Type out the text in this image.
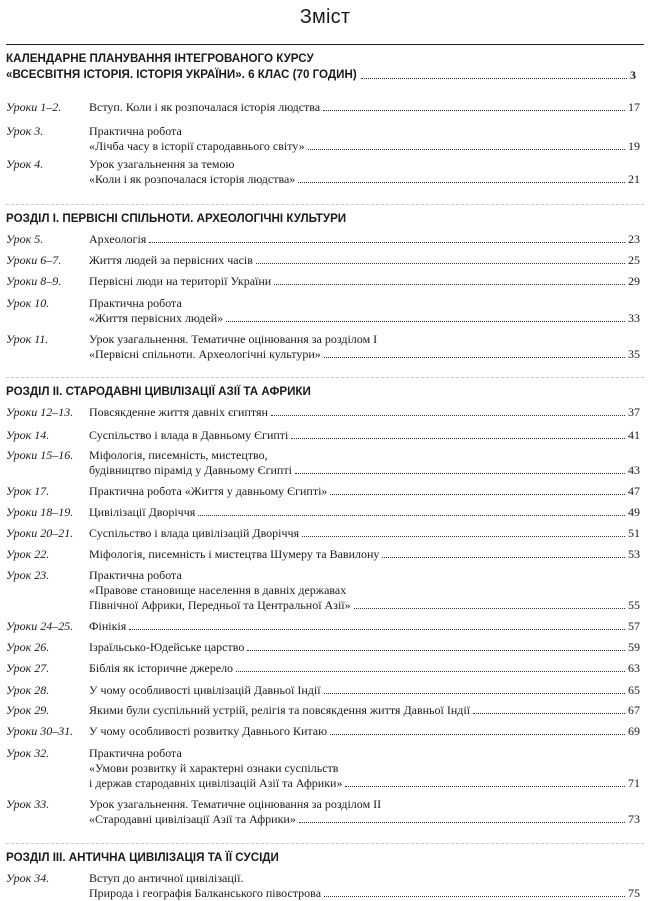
Зміст
КАЛЕНДАРНЕ ПЛАНУВАННЯ ІНТЕГРОВАНОГО КУРСУ
«ВСЕСВІТНЯ ІСТОРІЯ. ІСТОРІЯ УКРАЇНИ». 6 КЛАС (70 ГОДИН)	3
Уроки 1–2. Вступ. Коли і як розпочалася історія людства	17
Урок 3.	Практична робота
«Лічба часу в історії стародавнього світу»	19
Урок 4.	Урок узагальнення за темою
«Коли і як розпочалася історія людства»	21
РОЗДІЛ І. ПЕРВІСНІ СПІЛЬНОТИ. АРХЕОЛОГІЧНІ КУЛЬТУРИ
Урок 5.	Археологія	23
Уроки 6–7. Життя людей за первісних часів	25
Уроки 8–9. Первісні люди на території України	29
Урок 10.	Практична робота
«Життя первісних людей»	33
Урок 11.	Урок узагальнення. Тематичне оцінювання за розділом І
«Первісні спільноти. Археологічні культури»	35
РОЗДІЛ ІІ. СТАРОДАВНІ ЦИВІЛІЗАЦІЇ АЗІЇ ТА АФРИКИ
Уроки 12–13. Повсякденне життя давніх єгиптян	37
Урок 14.	Суспільство і влада в Давньому Єгипті	41
Уроки 15–16. Міфологія, писемність, мистецтво,
будівництво пірамід у Давньому Єгипті	43
Урок 17.	Практична робота «Життя у давньому Єгипті»	47
Уроки 18–19. Цивілізації Дворіччя	49
Уроки 20–21. Суспільство і влада цивілізацій Дворіччя	51
Урок 22.	Міфологія, писемність і мистецтва Шумеру та Вавилону	53
Урок 23.	Практична робота
«Правове становище населення в давніх державах
Північної Африки, Передньої та Центральної Азії»	55
Уроки 24–25. Фінікія	57
Урок 26.	Ізраїльсько-Юдейське царство	59
Урок 27.	Біблія як історичне джерело	63
Урок 28.	У чому особливості цивілізацій Давньої Індії	65
Урок 29.	Якими були суспільний устрій, релігія та повсякдення життя Давньої Індії	67
Уроки 30–31. У чому особливості розвитку Давнього Китаю	69
Урок 32.	Практична робота
«Умови розвитку й характерні ознаки суспільств
і держав стародавніх цивілізацій Азії та Африки»	71
Урок 33.	Урок узагальнення. Тематичне оцінювання за розділом ІІ
«Стародавні цивілізації Азії та Африки»	73
РОЗДІЛ ІІІ. АНТИЧНА ЦИВІЛІЗАЦІЯ ТА ЇЇ СУСІДИ
Урок 34.	Вступ до античної цивілізації.
Природа і географія Балканського півострова	75
